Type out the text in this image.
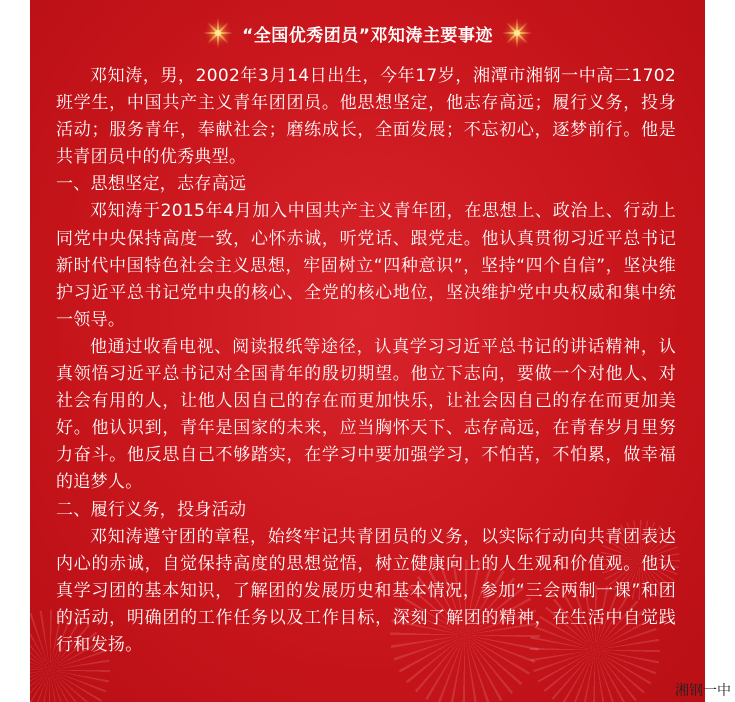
“全国优秀团员”邓知涛主要事迹

邓知涛，男，2002年3月14日出生，今年17岁，湘潭市湘钢一中高二1702班学生，中国共产主义青年团团员。他思想坚定，他志存高远；履行义务，投身活动；服务青年，奉献社会；磨练成长，全面发展；不忘初心，逐梦前行。他是共青团员中的优秀典型。

一、思想坚定，志存高远

邓知涛于2015年4月加入中国共产主义青年团，在思想上、政治上、行动上同党中央保持高度一致，心怀赤诚，听党话、跟党走。他认真贯彻习近平总书记新时代中国特色社会主义思想，牢固树立“四种意识”，坚持“四个自信”，坚决维护习近平总书记党中央的核心、全党的核心地位，坚决维护党中央权威和集中统一领导。

他通过收看电视、阅读报纸等途径，认真学习习近平总书记的讲话精神，认真领悟习近平总书记对全国青年的殷切期望。他立下志向，要做一个对他人、对社会有用的人，让他人因自己的存在而更加快乐，让社会因自己的存在而更加美好。他认识到，青年是国家的未来，应当胸怀天下、志存高远，在青春岁月里努力奋斗。他反思自己不够踏实，在学习中要加强学习，不怕苦，不怕累，做幸福的追梦人。

二、履行义务，投身活动

邓知涛遵守团的章程，始终牢记共青团员的义务，以实际行动向共青团表达内心的赤诚，自觉保持高度的思想觉悟，树立健康向上的人生观和价值观。他认真学习团的基本知识，了解团的发展历史和基本情况，参加“三会两制一课”和团的活动，明确团的工作任务以及工作目标，深刻了解团的精神，在生活中自觉践行和发扬。

湘钢一中
